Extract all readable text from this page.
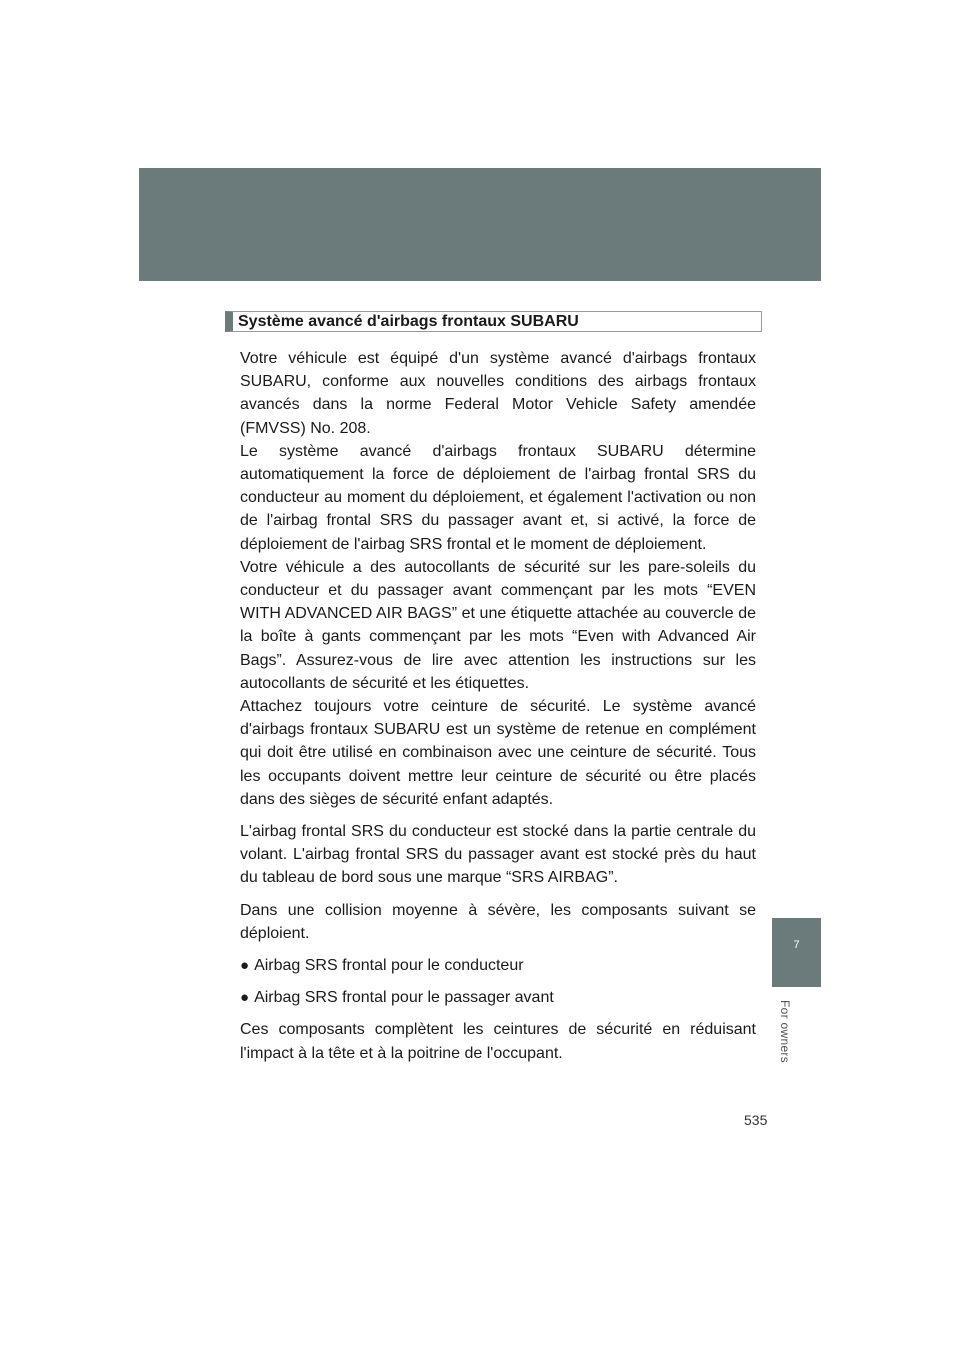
Système avancé d'airbags frontaux SUBARU

Votre véhicule est équipé d'un système avancé d'airbags frontaux SUBARU, conforme aux nouvelles conditions des airbags frontaux avancés dans la norme Federal Motor Vehicle Safety amendée (FMVSS) No. 208.

Le système avancé d'airbags frontaux SUBARU détermine automatiquement la force de déploiement de l'airbag frontal SRS du conducteur au moment du déploiement, et également l'activation ou non de l'airbag frontal SRS du passager avant et, si activé, la force de déploiement de l'airbag SRS frontal et le moment de déploiement.

Votre véhicule a des autocollants de sécurité sur les pare-soleils du conducteur et du passager avant commençant par les mots “EVEN WITH ADVANCED AIR BAGS” et une étiquette attachée au couvercle de la boîte à gants commençant par les mots “Even with Advanced Air Bags”. Assurez-vous de lire avec attention les instructions sur les autocollants de sécurité et les étiquettes.

Attachez toujours votre ceinture de sécurité. Le système avancé d'airbags frontaux SUBARU est un système de retenue en complément qui doit être utilisé en combinaison avec une ceinture de sécurité. Tous les occupants doivent mettre leur ceinture de sécurité ou être placés dans des sièges de sécurité enfant adaptés.

L'airbag frontal SRS du conducteur est stocké dans la partie centrale du volant. L'airbag frontal SRS du passager avant est stocké près du haut du tableau de bord sous une marque “SRS AIRBAG”.

Dans une collision moyenne à sévère, les composants suivant se déploient.

● Airbag SRS frontal pour le conducteur
● Airbag SRS frontal pour le passager avant

Ces composants complètent les ceintures de sécurité en réduisant l'impact à la tête et à la poitrine de l'occupant.

7
For owners
535
